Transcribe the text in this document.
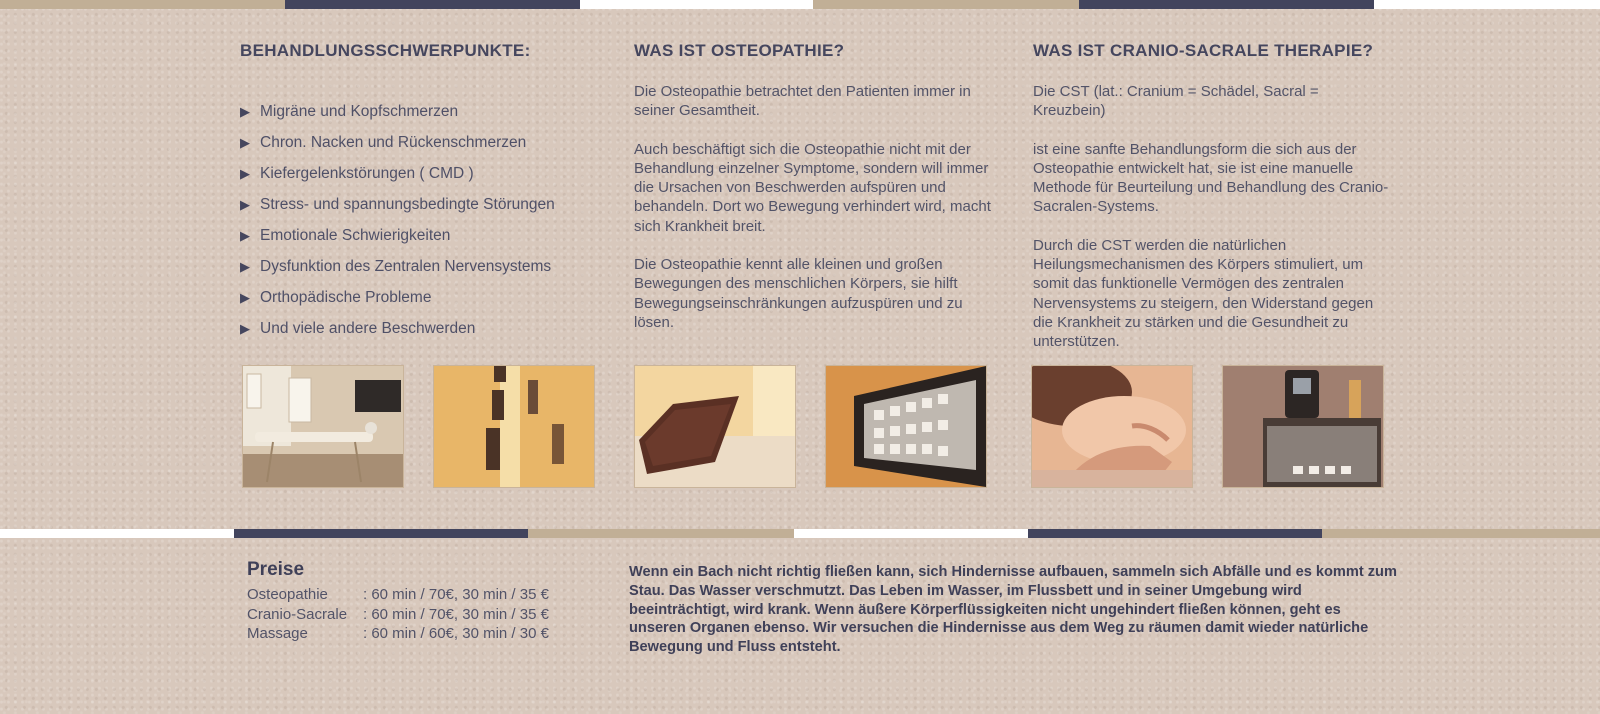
BEHANDLUNGSSCHWERPUNKTE:
▶ Migräne und Kopfschmerzen
▶ Chron. Nacken und Rückenschmerzen
▶ Kiefergelenkstörungen ( CMD )
▶ Stress- und spannungsbedingte Störungen
▶ Emotionale Schwierigkeiten
▶ Dysfunktion des Zentralen Nervensystems
▶ Orthopädische Probleme
▶ Und viele andere Beschwerden
WAS IST OSTEOPATHIE?

Die Osteopathie betrachtet den Patienten immer in seiner Gesamtheit.

Auch beschäftigt sich die Osteopathie nicht mit der Behandlung einzelner Symptome, sondern will immer die Ursachen von Beschwerden aufspüren und behandeln. Dort wo Bewegung verhindert wird, macht sich Krankheit breit.

Die Osteopathie kennt alle kleinen und großen Bewegungen des menschlichen Körpers, sie hilft Bewegungseinschränkungen aufzuspüren und zu lösen.

WAS IST CRANIO-SACRALE THERAPIE?

Die CST (lat.: Cranium = Schädel, Sacral = Kreuzbein)

ist eine sanfte Behandlungsform die sich aus der Osteopathie entwickelt hat, sie ist eine manuelle Methode für Beurteilung und Behandlung des Cranio-Sacralen-Systems.

Durch die CST werden die natürlichen Heilungsmechanismen des Körpers stimuliert, um somit das funktionelle Vermögen des zentralen Nervensystems zu steigern, den Widerstand gegen die Krankheit zu stärken und die Gesundheit zu unterstützen.

Preise
Osteopathie	: 60 min / 70€, 30 min / 35 €
Cranio-Sacrale	: 60 min / 70€, 30 min / 35 €
Massage	: 60 min / 60€, 30 min / 30 €

Wenn ein Bach nicht richtig fließen kann, sich Hindernisse aufbauen, sammeln sich Abfälle und es kommt zum Stau. Das Wasser verschmutzt. Das Leben im Wasser, im Flussbett und in seiner Umgebung wird beeinträchtigt, wird krank. Wenn äußere Körperflüssigkeiten nicht ungehindert fließen können, geht es unseren Organen ebenso. Wir versuchen die Hindernisse aus dem Weg zu räumen damit wieder natürliche Bewegung und Fluss entsteht.
